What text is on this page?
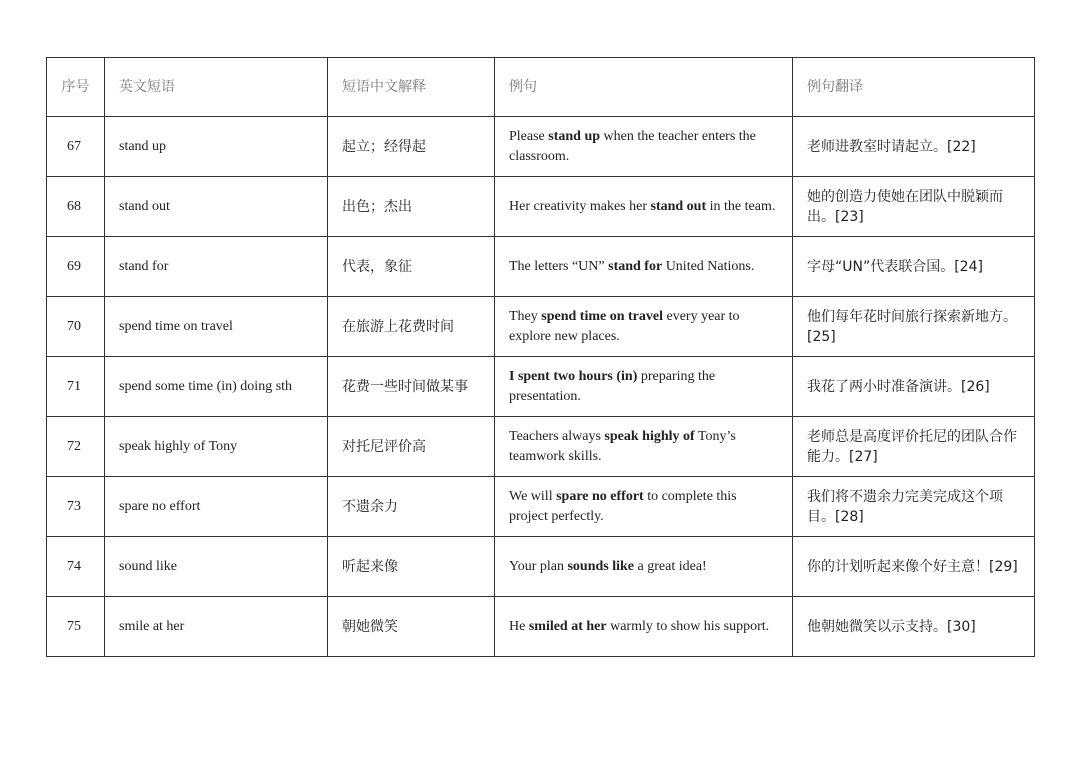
序号	英文短语	短语中文解释	例句	例句翻译
67	stand up	起立；经得起	Please stand up when the teacher enters the classroom.	老师进教室时请起立。[22]
68	stand out	出色；杰出	Her creativity makes her stand out in the team.	她的创造力使她在团队中脱颖而出。[23]
69	stand for	代表，象征	The letters “UN” stand for United Nations.	字母“UN”代表联合国。[24]
70	spend time on travel	在旅游上花费时间	They spend time on travel every year to explore new places.	他们每年花时间旅行探索新地方。[25]
71	spend some time (in) doing sth	花费一些时间做某事	I spent two hours (in) preparing the presentation.	我花了两小时准备演讲。[26]
72	speak highly of Tony	对托尼评价高	Teachers always speak highly of Tony’s teamwork skills.	老师总是高度评价托尼的团队合作能力。[27]
73	spare no effort	不遗余力	We will spare no effort to complete this project perfectly.	我们将不遗余力完美完成这个项目。[28]
74	sound like	听起来像	Your plan sounds like a great idea!	你的计划听起来像个好主意！[29]
75	smile at her	朝她微笑	He smiled at her warmly to show his support.	他朝她微笑以示支持。[30]
